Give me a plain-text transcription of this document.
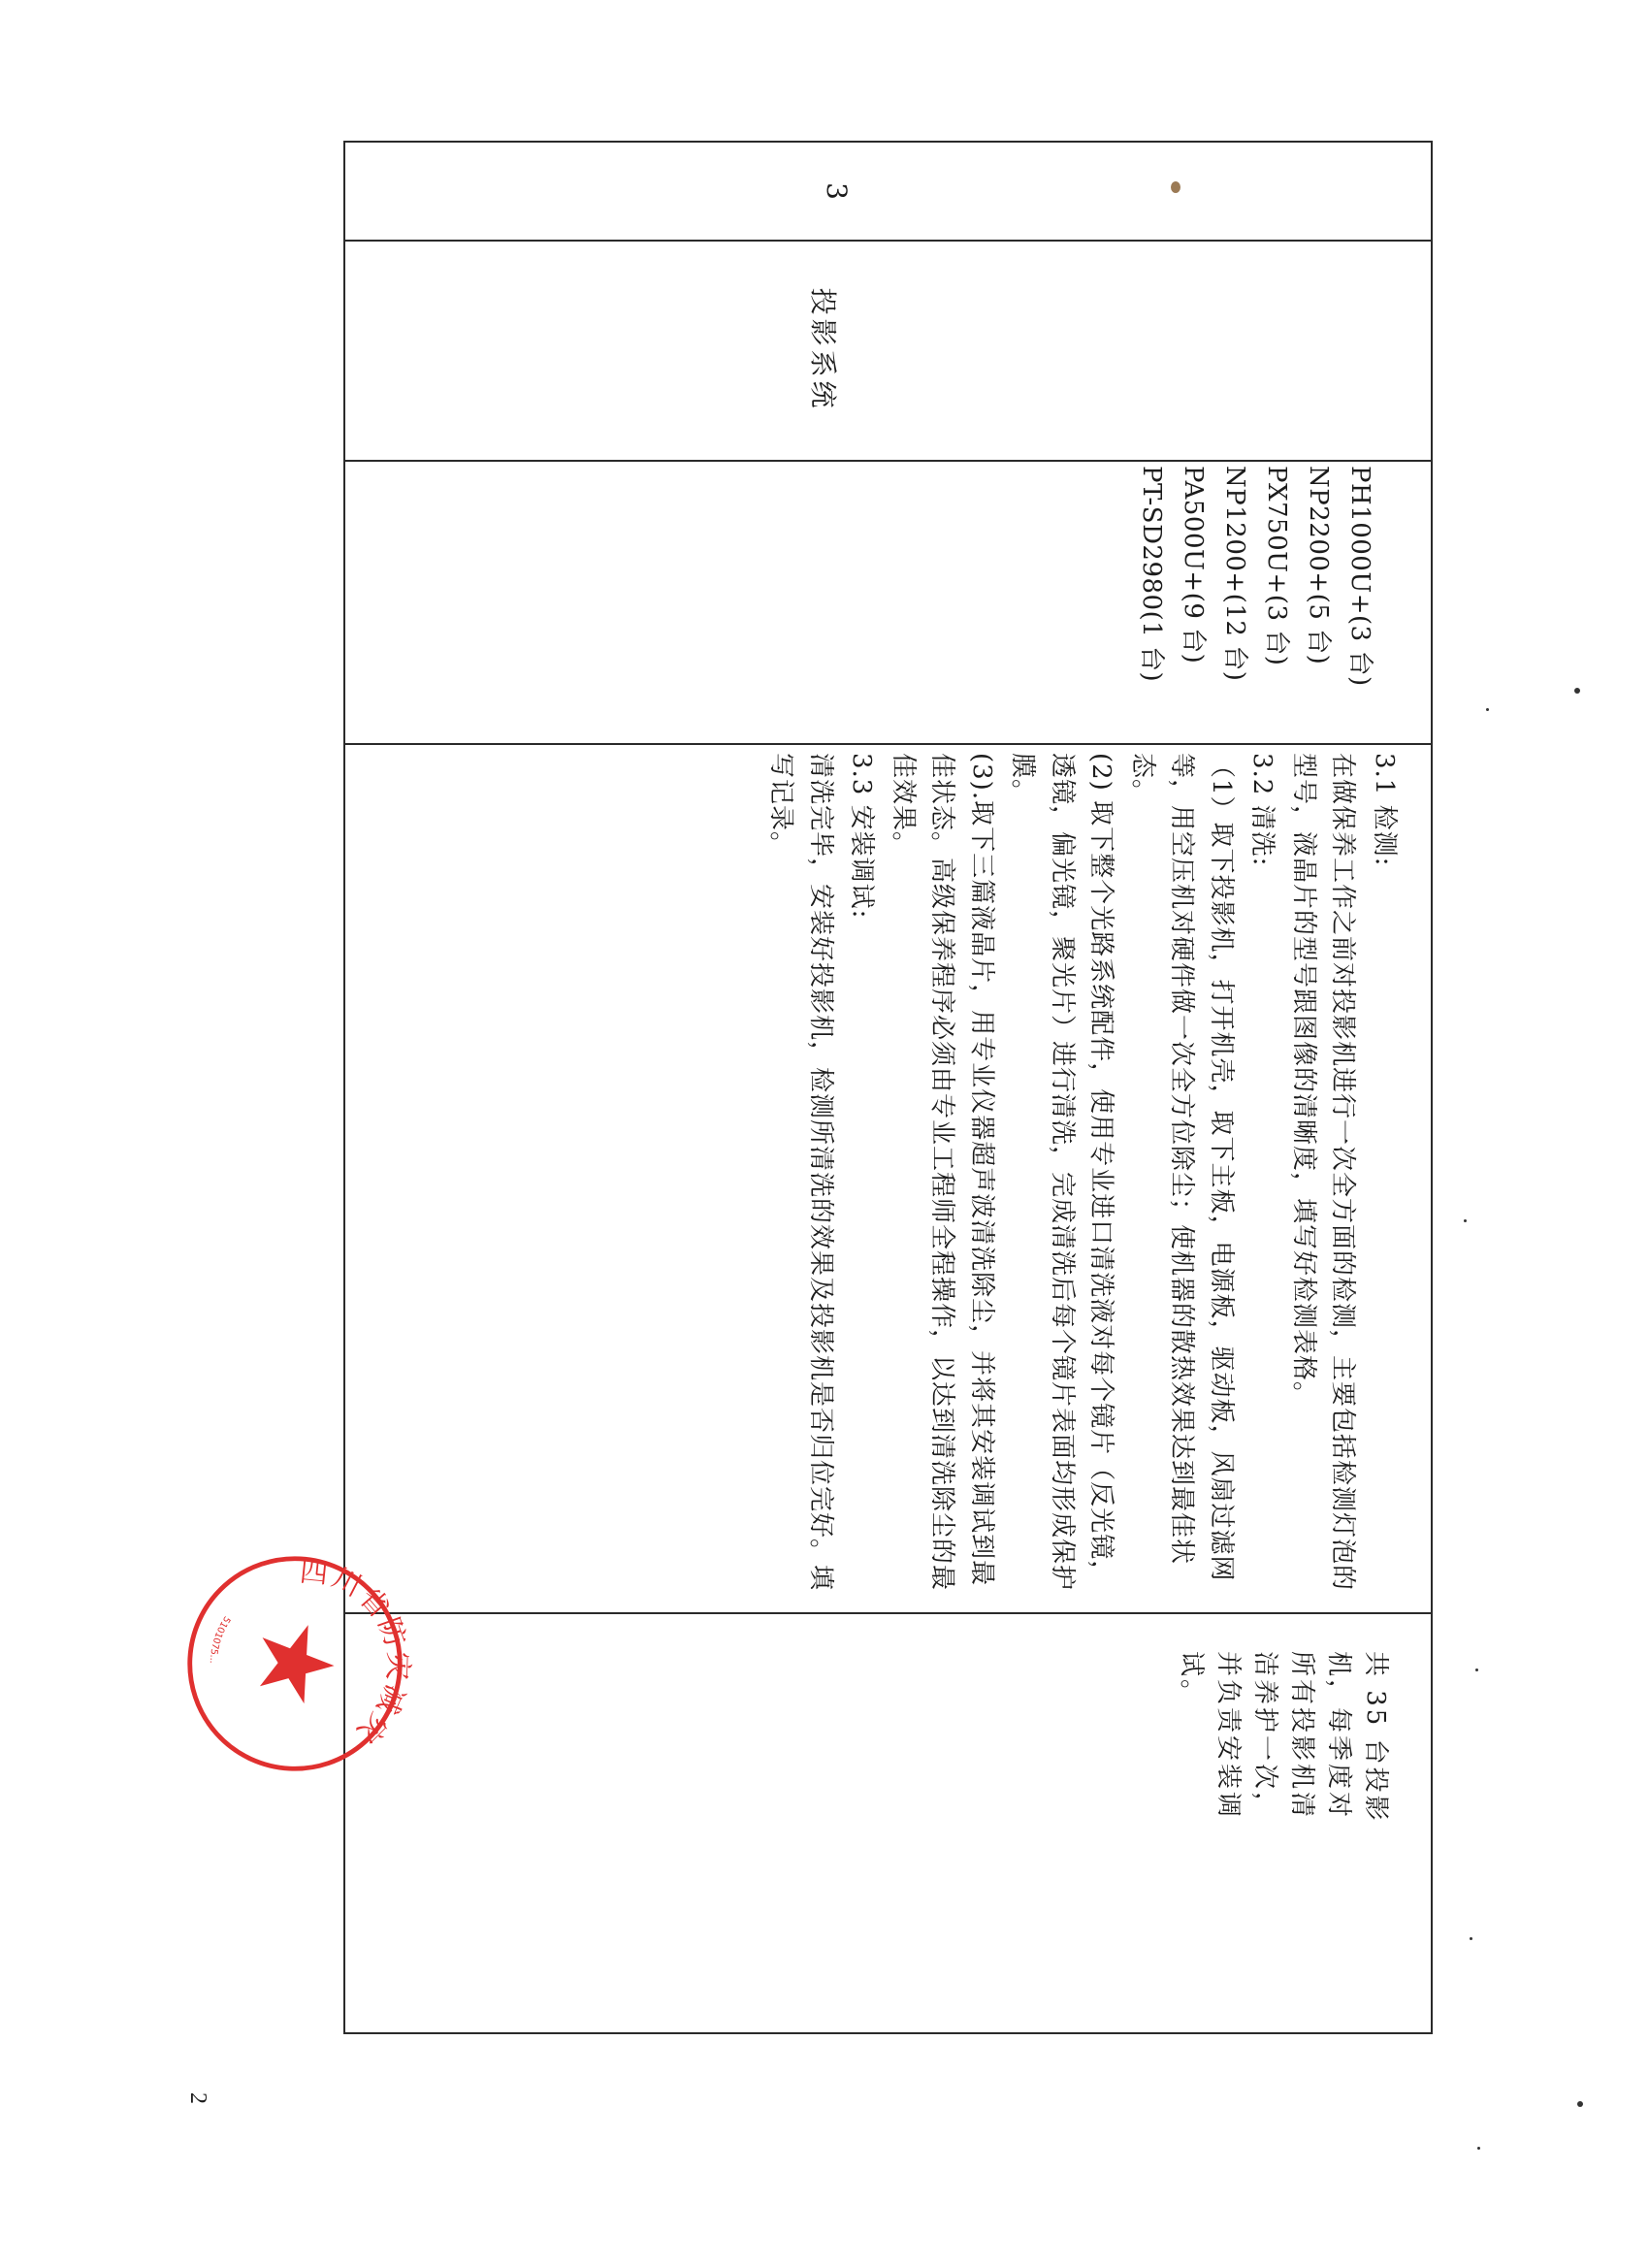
3
投影系统
PH1000U+(3 台)
NP2200+(5 台)
PX750U+(3 台)
NP1200+(12 台)
PA500U+(9 台)
PT-SD2980(1 台)
3.1 检测:
在做保养工作之前对投影机进行一次全方面的检测，主要包括检测灯泡的型号，液晶片的型号跟图像的清晰度，填写好检测表格。
3.2 清洗:
（1）取下投影机，打开机壳，取下主板，电源板，驱动板，风扇过滤网等，用空压机对硬件做一次全方位除尘；使机器的散热效果达到最佳状态。
(2) 取下整个光路系统配件，使用专业进口清洗液对每个镜片（反光镜，透镜，偏光镜，聚光片）进行清洗，完成清洗后每个镜片表面均形成保护膜。
(3).取下三篇液晶片，用专业仪器超声波清洗除尘，并将其安装调试到最佳状态。高级保养程序必须由专业工程师全程操作，以达到清洗除尘的最佳效果。
3.3 安装调试:
清洗完毕，安装好投影机，检测所清洗的效果及投影机是否归位完好。填写记录。
共 35 台投影机，每季度对所有投影机清洁养护一次，并负责安装调试。
四川省防灾减灾
5101075...
2
